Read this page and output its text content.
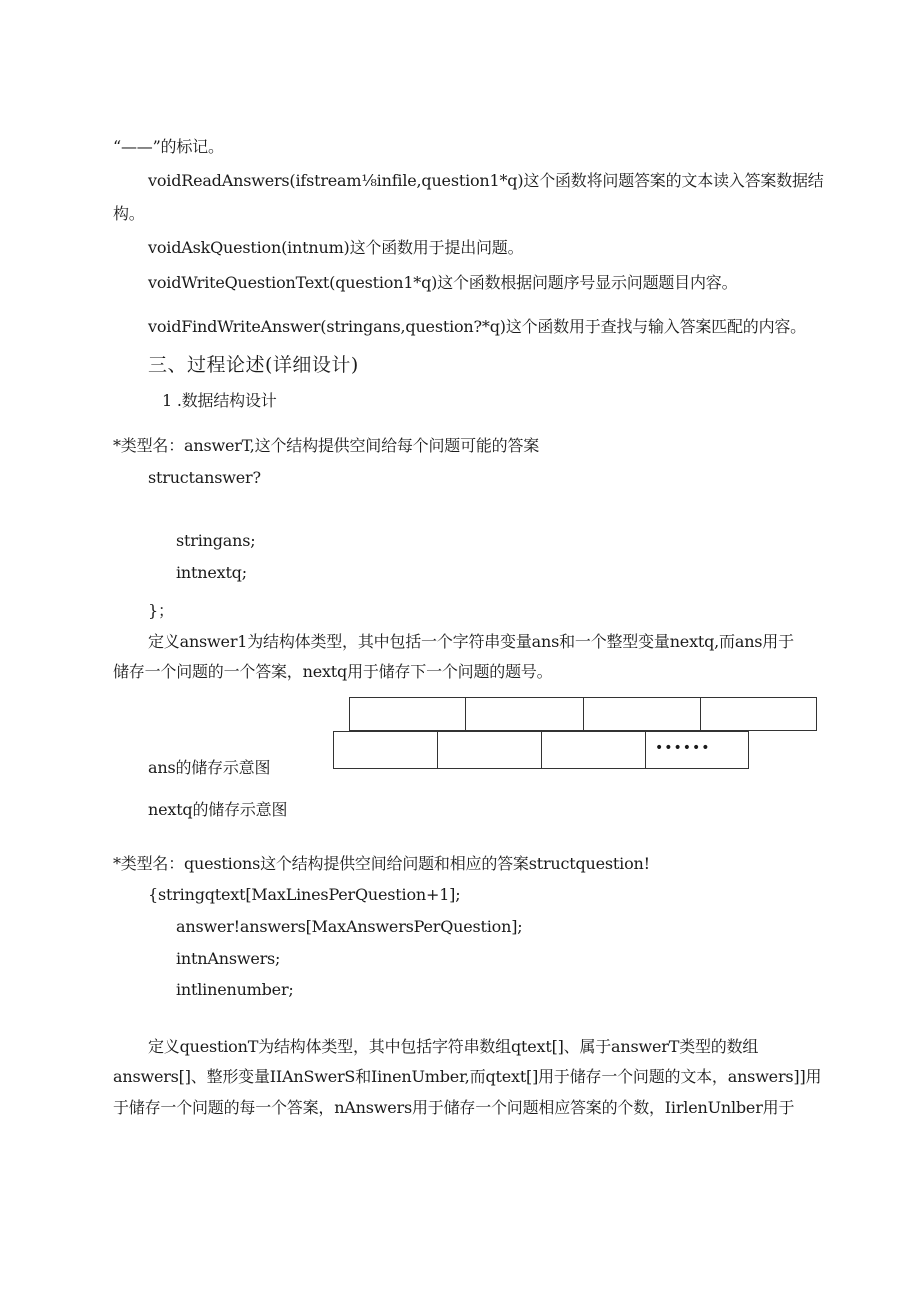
“——”的标记。
voidReadAnswers(ifstream⅛infile,question1*q)这个函数将问题答案的文本读入答案数据结
构。
voidAskQuestion(intnum)这个函数用于提出问题。
voidWriteQuestionText(question1*q)这个函数根据问题序号显示问题题目内容。
voidFindWriteAnswer(stringans,question?*q)这个函数用于查找与输入答案匹配的内容。
三、过程论述(详细设计)
1 .数据结构设计
*类型名：answerT,这个结构提供空间给每个问题可能的答案
structanswer?
stringans;
intnextq;
}；
定义answer1为结构体类型，其中包括一个字符串变量ans和一个整型变量nextq,而ans用于
储存一个问题的一个答案，nextq用于储存下一个问题的题号。
••••••
ans的储存示意图
nextq的储存示意图
*类型名：questions这个结构提供空间给问题和相应的答案structquestion!
{stringqtext[MaxLinesPerQuestion+1];
answer!answers[MaxAnswersPerQuestion];
intnAnswers;
intlinenumber;
定义questionT为结构体类型，其中包括字符串数组qtext[]、属于answerT类型的数组
answers[]、整形变量IIAnSwerS和IinenUmber,而qtext[]用于储存一个问题的文本，answers]]用
于储存一个问题的每一个答案，nAnswers用于储存一个问题相应答案的个数，IirlenUnlber用于
